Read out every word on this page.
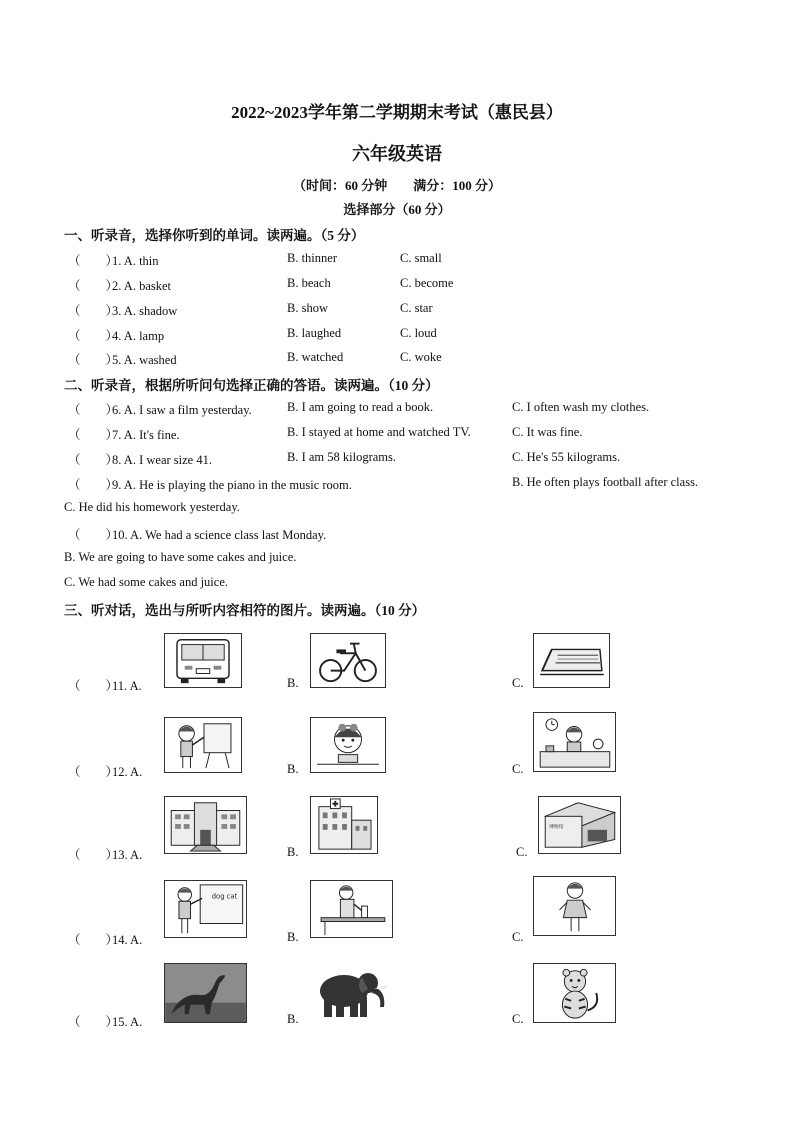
2022~2023学年第二学期期末考试（惠民县）
六年级英语
（时间：60 分钟　　满分：100 分）
选择部分（60 分）
一、听录音，选择你听到的单词。读两遍。（5 分）
（　　）1. A. thin	B. thinner	C. small
（　　）2. A. basket	B. beach	C. become
（　　）3. A. shadow	B. show	C. star
（　　）4. A. lamp	B. laughed	C. loud
（　　）5. A. washed	B. watched	C. woke
二、听录音，根据所听问句选择正确的答语。读两遍。（10 分）
（　　）6. A. I saw a film yesterday.	B. I am going to read a book.	C. I often wash my clothes.
（　　）7. A. It's fine.	B. I stayed at home and watched TV.	C. It was fine.
（　　）8. A. I wear size 41.	B. I am 58 kilograms.	C. He's 55 kilograms.
（　　）9. A. He is playing the piano in the music room.	B. He often plays football after class.
C. He did his homework yesterday.
（　　）10. A. We had a science class last Monday.
B. We are going to have some cakes and juice.
C. We had some cakes and juice.
三、听对话，选出与所听内容相符的图片。读两遍。（10 分）
（　　）11. A.	B.	C.
（　　）12. A.	B.	C.
（　　）13. A.	B.	C.
博物馆
（　　）14. A.	B.	C.
dog cat
（　　）15. A.	B.	C.
